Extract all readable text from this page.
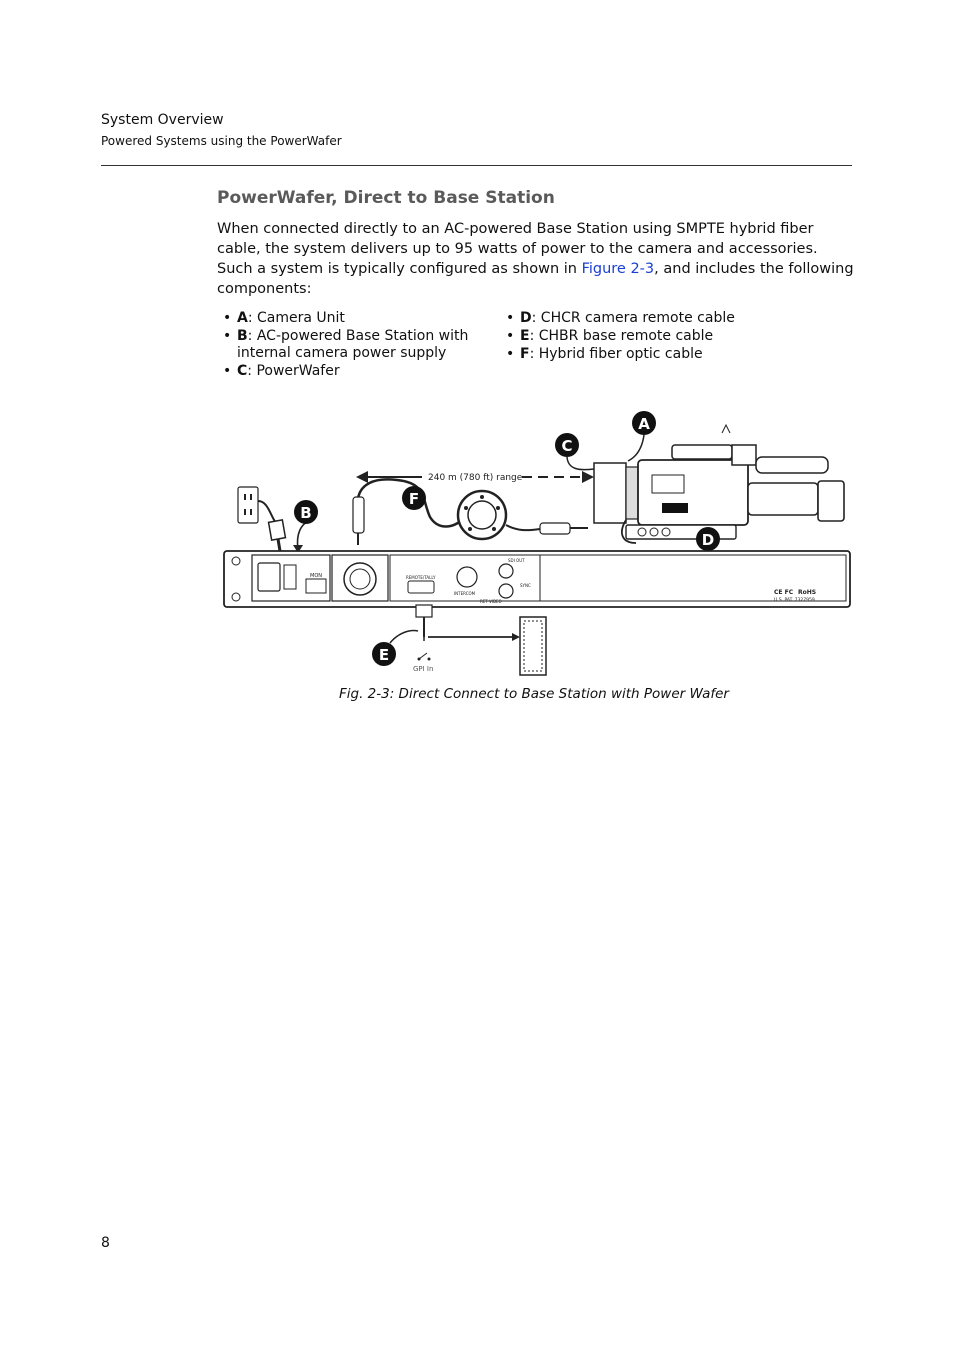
System Overview
Powered Systems using the PowerWafer
PowerWafer, Direct to Base Station
When connected directly to an AC-powered Base Station using SMPTE hybrid fiber cable, the system delivers up to 95 watts of power to the camera and accessories. Such a system is typically configured as shown in Figure 2-3, and includes the following components:
• A: Camera Unit
• B: AC-powered Base Station with internal camera power supply
• C: PowerWafer
• D: CHCR camera remote cable
• E: CHBR base remote cable
• F: Hybrid fiber optic cable
B
240 m (780 ft) range
F
A
C
D
MON	REMOTE/TALLY
INTERCOM
SDI OUT
SYNC
RET VIDEO
CE FC RoHS
U.S. PAT. 7327959
GPI In
E
Fig. 2-3: Direct Connect to Base Station with Power Wafer
8
